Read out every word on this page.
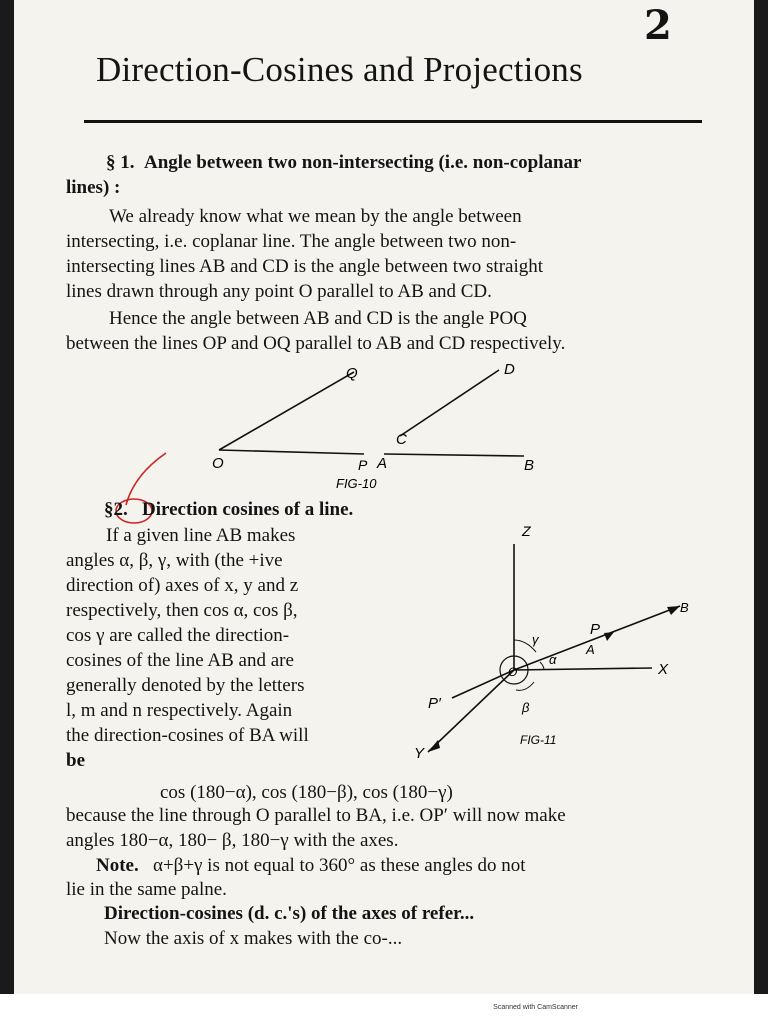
2
Direction-Cosines and Projections
§ 1. Angle between two non-intersecting (i.e. non-coplanar
lines) :
We already know what we mean by the angle between
intersecting, i.e. coplanar line. The angle between two non-
intersecting lines AB and CD is the angle between two straight
lines drawn through any point O parallel to AB and CD.
Hence the angle between AB and CD is the angle POQ
between the lines OP and OQ parallel to AB and CD respectively.
Q	D
C
O	P A	B
FIG-10
§2. Direction cosines of a line.
If a given line AB makes
angles α, β, γ, with (the +ive
direction of) axes of x, y and z
respectively, then cos α, cos β,
cos γ are called the direction-
cosines of the line AB and are
generally denoted by the letters
l, m and n respectively. Again
the direction-cosines of BA will
be
Z
X
Y
O
P
P′
A
B
α
β
γ
FIG-11
cos (180−α), cos (180−β), cos (180−γ)
because the line through O parallel to BA, i.e. OP′ will now make
angles 180−α, 180− β, 180−γ with the axes.
Note. α+β+γ is not equal to 360° as these angles do not
lie in the same palne.
Direction-cosines (d. c.'s) of the axes of refer...
Now the axis of x makes with the co-...
Scanned with CamScanner
